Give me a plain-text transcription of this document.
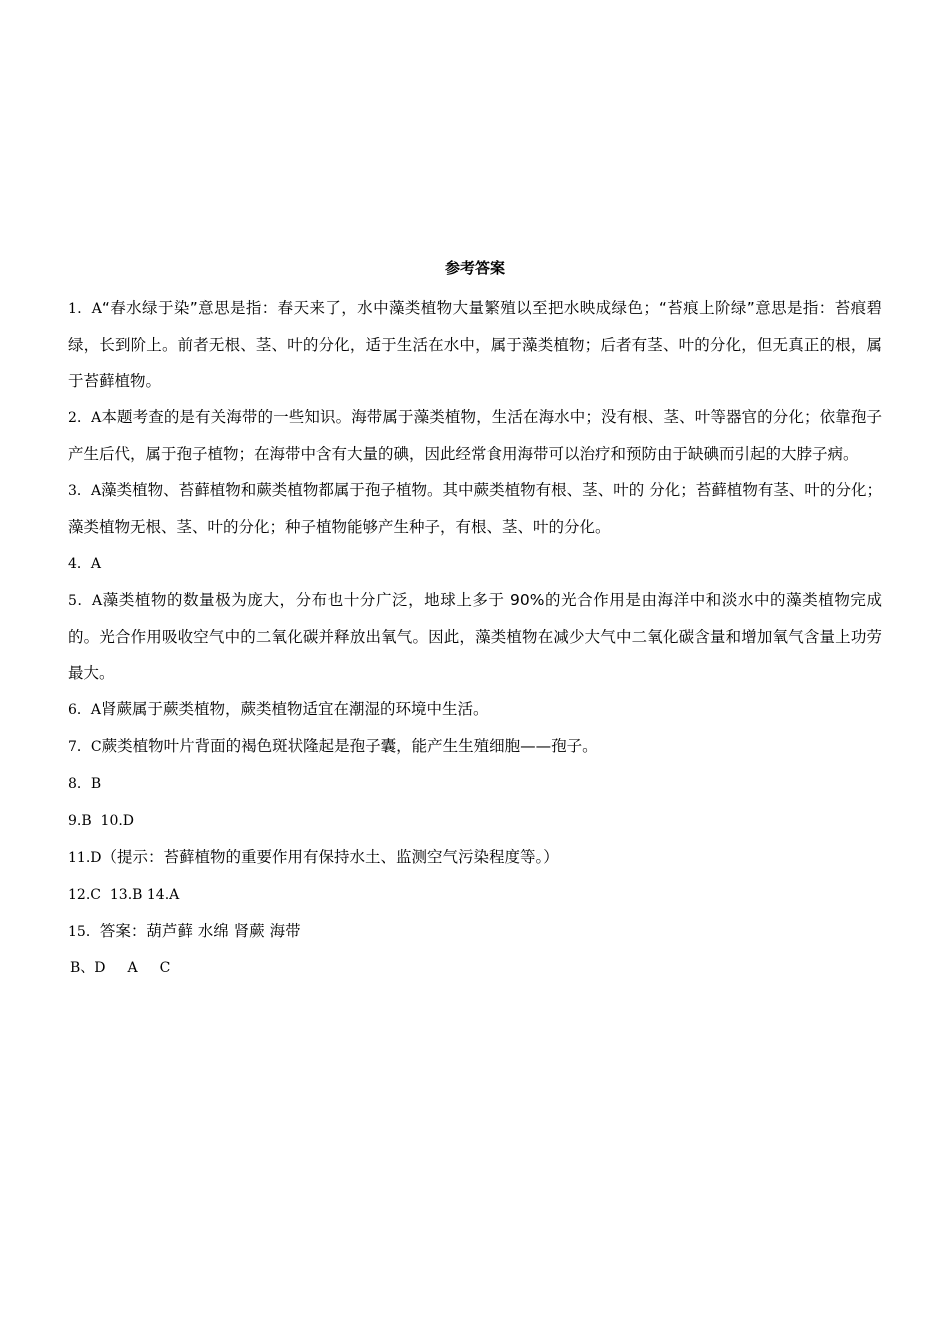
参考答案

1．A“春水绿于染”意思是指：春天来了，水中藻类植物大量繁殖以至把水映成绿色；“苔痕上阶绿”意思是指：苔痕碧绿，长到阶上。前者无根、茎、叶的分化，适于生活在水中，属于藻类植物；后者有茎、叶的分化，但无真正的根，属于苔藓植物。

2．A本题考查的是有关海带的一些知识。海带属于藻类植物，生活在海水中；没有根、茎、叶等器官的分化；依靠孢子产生后代，属于孢子植物；在海带中含有大量的碘，因此经常食用海带可以治疗和预防由于缺碘而引起的大脖子病。

3．A藻类植物、苔藓植物和蕨类植物都属于孢子植物。其中蕨类植物有根、茎、叶的 分化；苔藓植物有茎、叶的分化；藻类植物无根、茎、叶的分化；种子植物能够产生种子，有根、茎、叶的分化。

4．A

5．A藻类植物的数量极为庞大，分布也十分广泛，地球上多于 90%的光合作用是由海洋中和淡水中的藻类植物完成的。光合作用吸收空气中的二氧化碳并释放出氧气。因此，藻类植物在减少大气中二氧化碳含量和增加氧气含量上功劳最大。

6．A肾蕨属于蕨类植物，蕨类植物适宜在潮湿的环境中生活。

7．C蕨类植物叶片背面的褐色斑状隆起是孢子囊，能产生生殖细胞——孢子。

8．B

9.B  10.D

11.D（提示：苔藓植物的重要作用有保持水土、监测空气污染程度等。）

12.C  13.B 14.A

15．答案：葫芦藓 水绵 肾蕨 海带

B、D A C
